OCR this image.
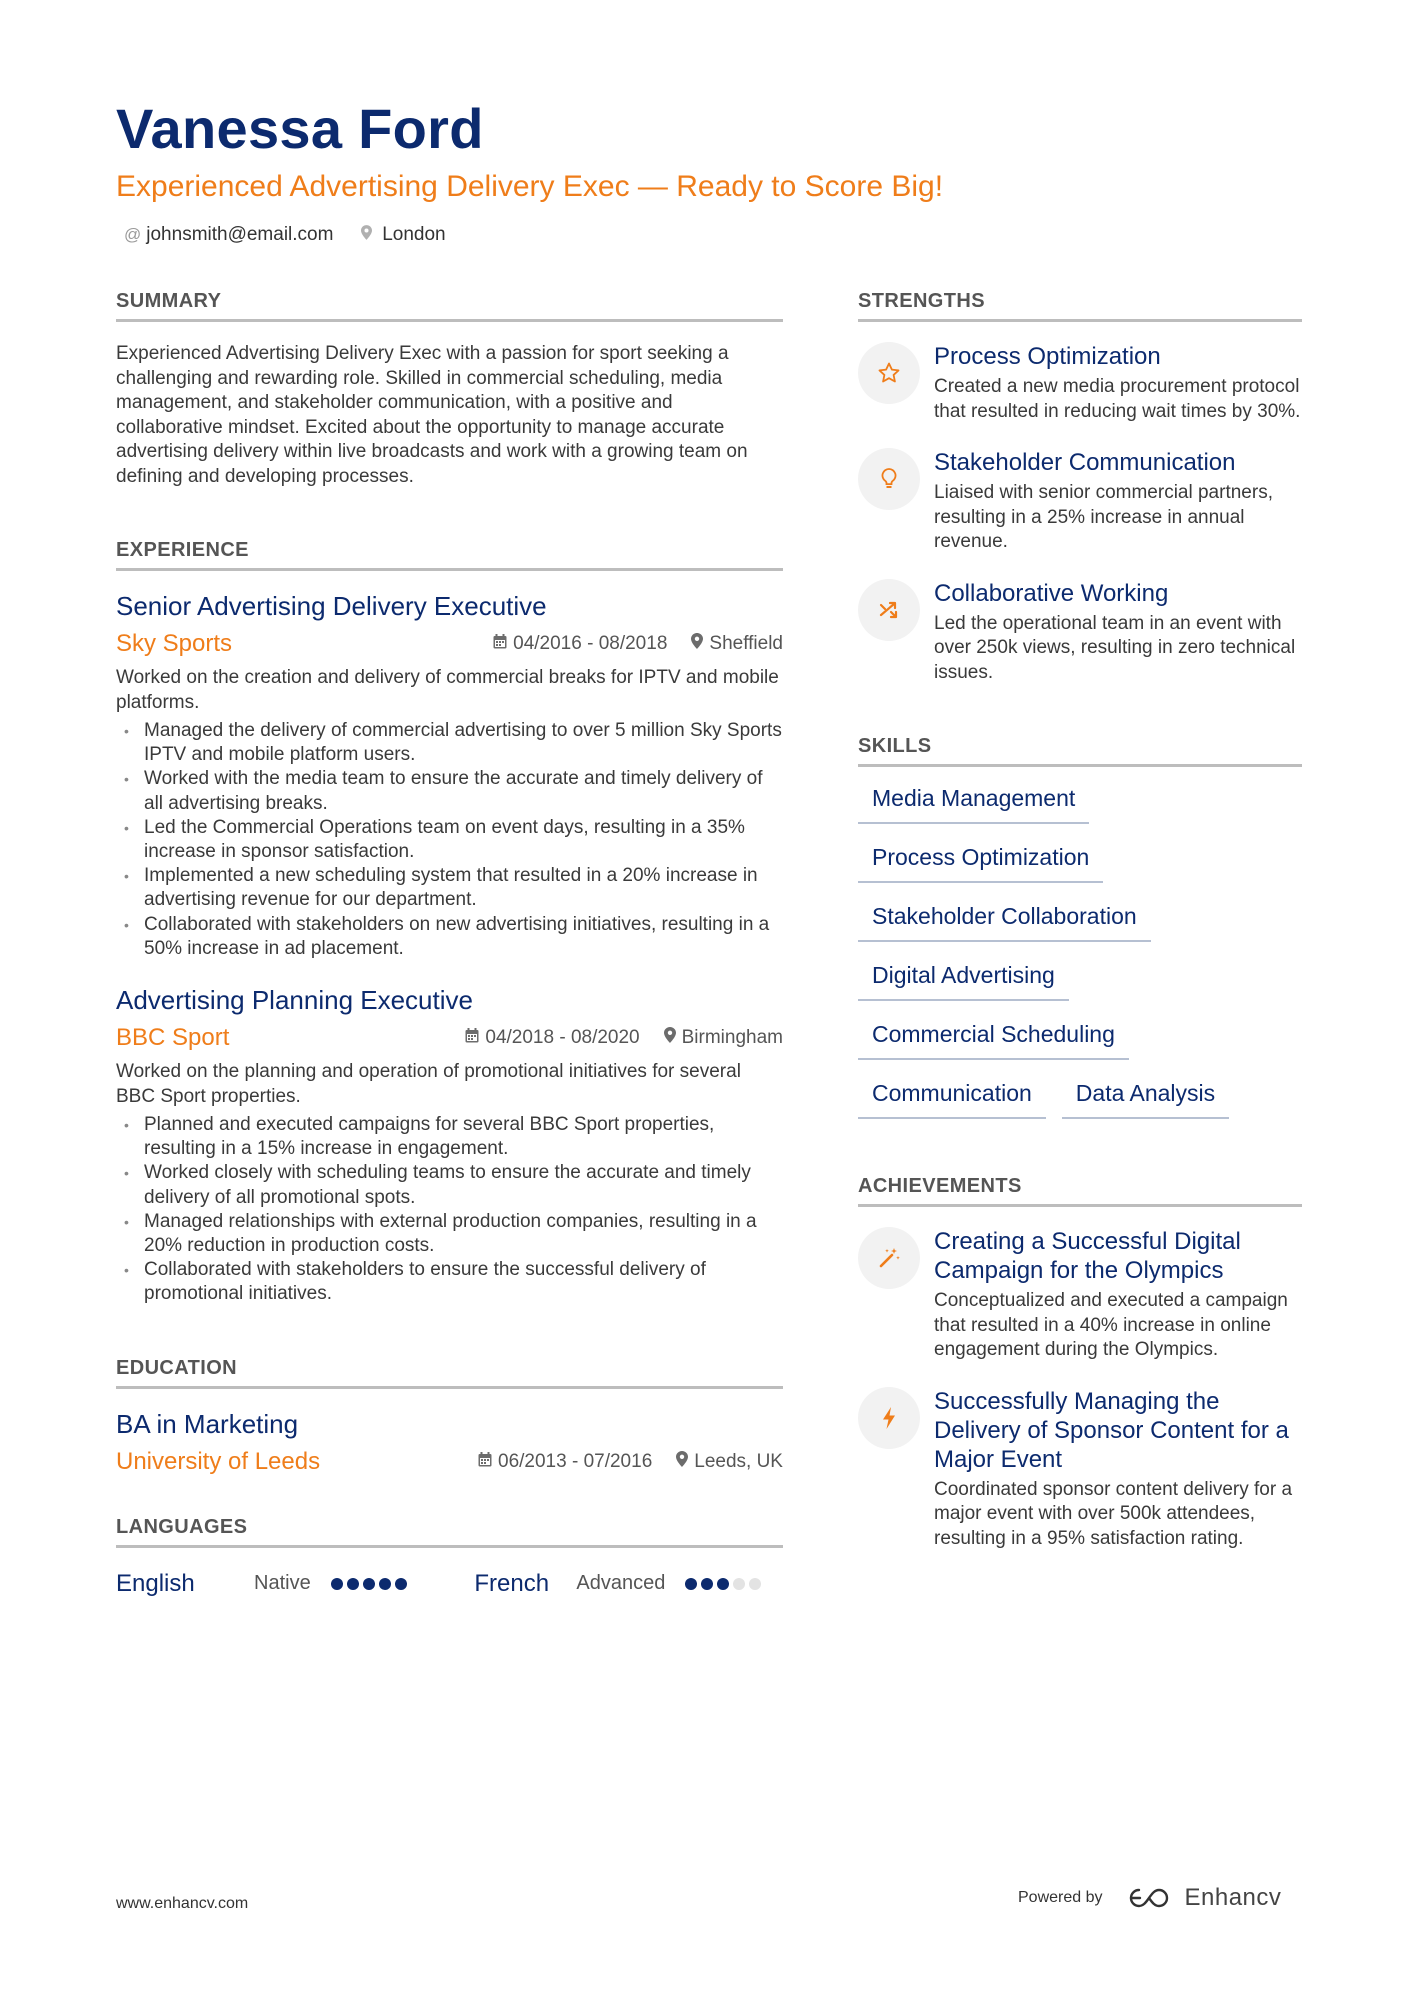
Vanessa Ford
Experienced Advertising Delivery Exec — Ready to Score Big!
@ johnsmith@email.com	London
SUMMARY
Experienced Advertising Delivery Exec with a passion for sport seeking a challenging and rewarding role. Skilled in commercial scheduling, media management, and stakeholder communication, with a positive and collaborative mindset. Excited about the opportunity to manage accurate advertising delivery within live broadcasts and work with a growing team on defining and developing processes.
EXPERIENCE
Senior Advertising Delivery Executive
Sky Sports	04/2016 - 08/2018	Sheffield
Worked on the creation and delivery of commercial breaks for IPTV and mobile platforms.
• Managed the delivery of commercial advertising to over 5 million Sky Sports IPTV and mobile platform users.
• Worked with the media team to ensure the accurate and timely delivery of all advertising breaks.
• Led the Commercial Operations team on event days, resulting in a 35% increase in sponsor satisfaction.
• Implemented a new scheduling system that resulted in a 20% increase in advertising revenue for our department.
• Collaborated with stakeholders on new advertising initiatives, resulting in a 50% increase in ad placement.
Advertising Planning Executive
BBC Sport	04/2018 - 08/2020	Birmingham
Worked on the planning and operation of promotional initiatives for several BBC Sport properties.
• Planned and executed campaigns for several BBC Sport properties, resulting in a 15% increase in engagement.
• Worked closely with scheduling teams to ensure the accurate and timely delivery of all promotional spots.
• Managed relationships with external production companies, resulting in a 20% reduction in production costs.
• Collaborated with stakeholders to ensure the successful delivery of promotional initiatives.
EDUCATION
BA in Marketing
University of Leeds	06/2013 - 07/2016	Leeds, UK
LANGUAGES
English	Native	French	Advanced
STRENGTHS
Process Optimization
Created a new media procurement protocol that resulted in reducing wait times by 30%.
Stakeholder Communication
Liaised with senior commercial partners, resulting in a 25% increase in annual revenue.
Collaborative Working
Led the operational team in an event with over 250k views, resulting in zero technical issues.
SKILLS
Media Management
Process Optimization
Stakeholder Collaboration
Digital Advertising
Commercial Scheduling
Communication	Data Analysis
ACHIEVEMENTS
Creating a Successful Digital Campaign for the Olympics
Conceptualized and executed a campaign that resulted in a 40% increase in online engagement during the Olympics.
Successfully Managing the Delivery of Sponsor Content for a Major Event
Coordinated sponsor content delivery for a major event with over 500k attendees, resulting in a 95% satisfaction rating.
www.enhancv.com	Powered by	Enhancv
